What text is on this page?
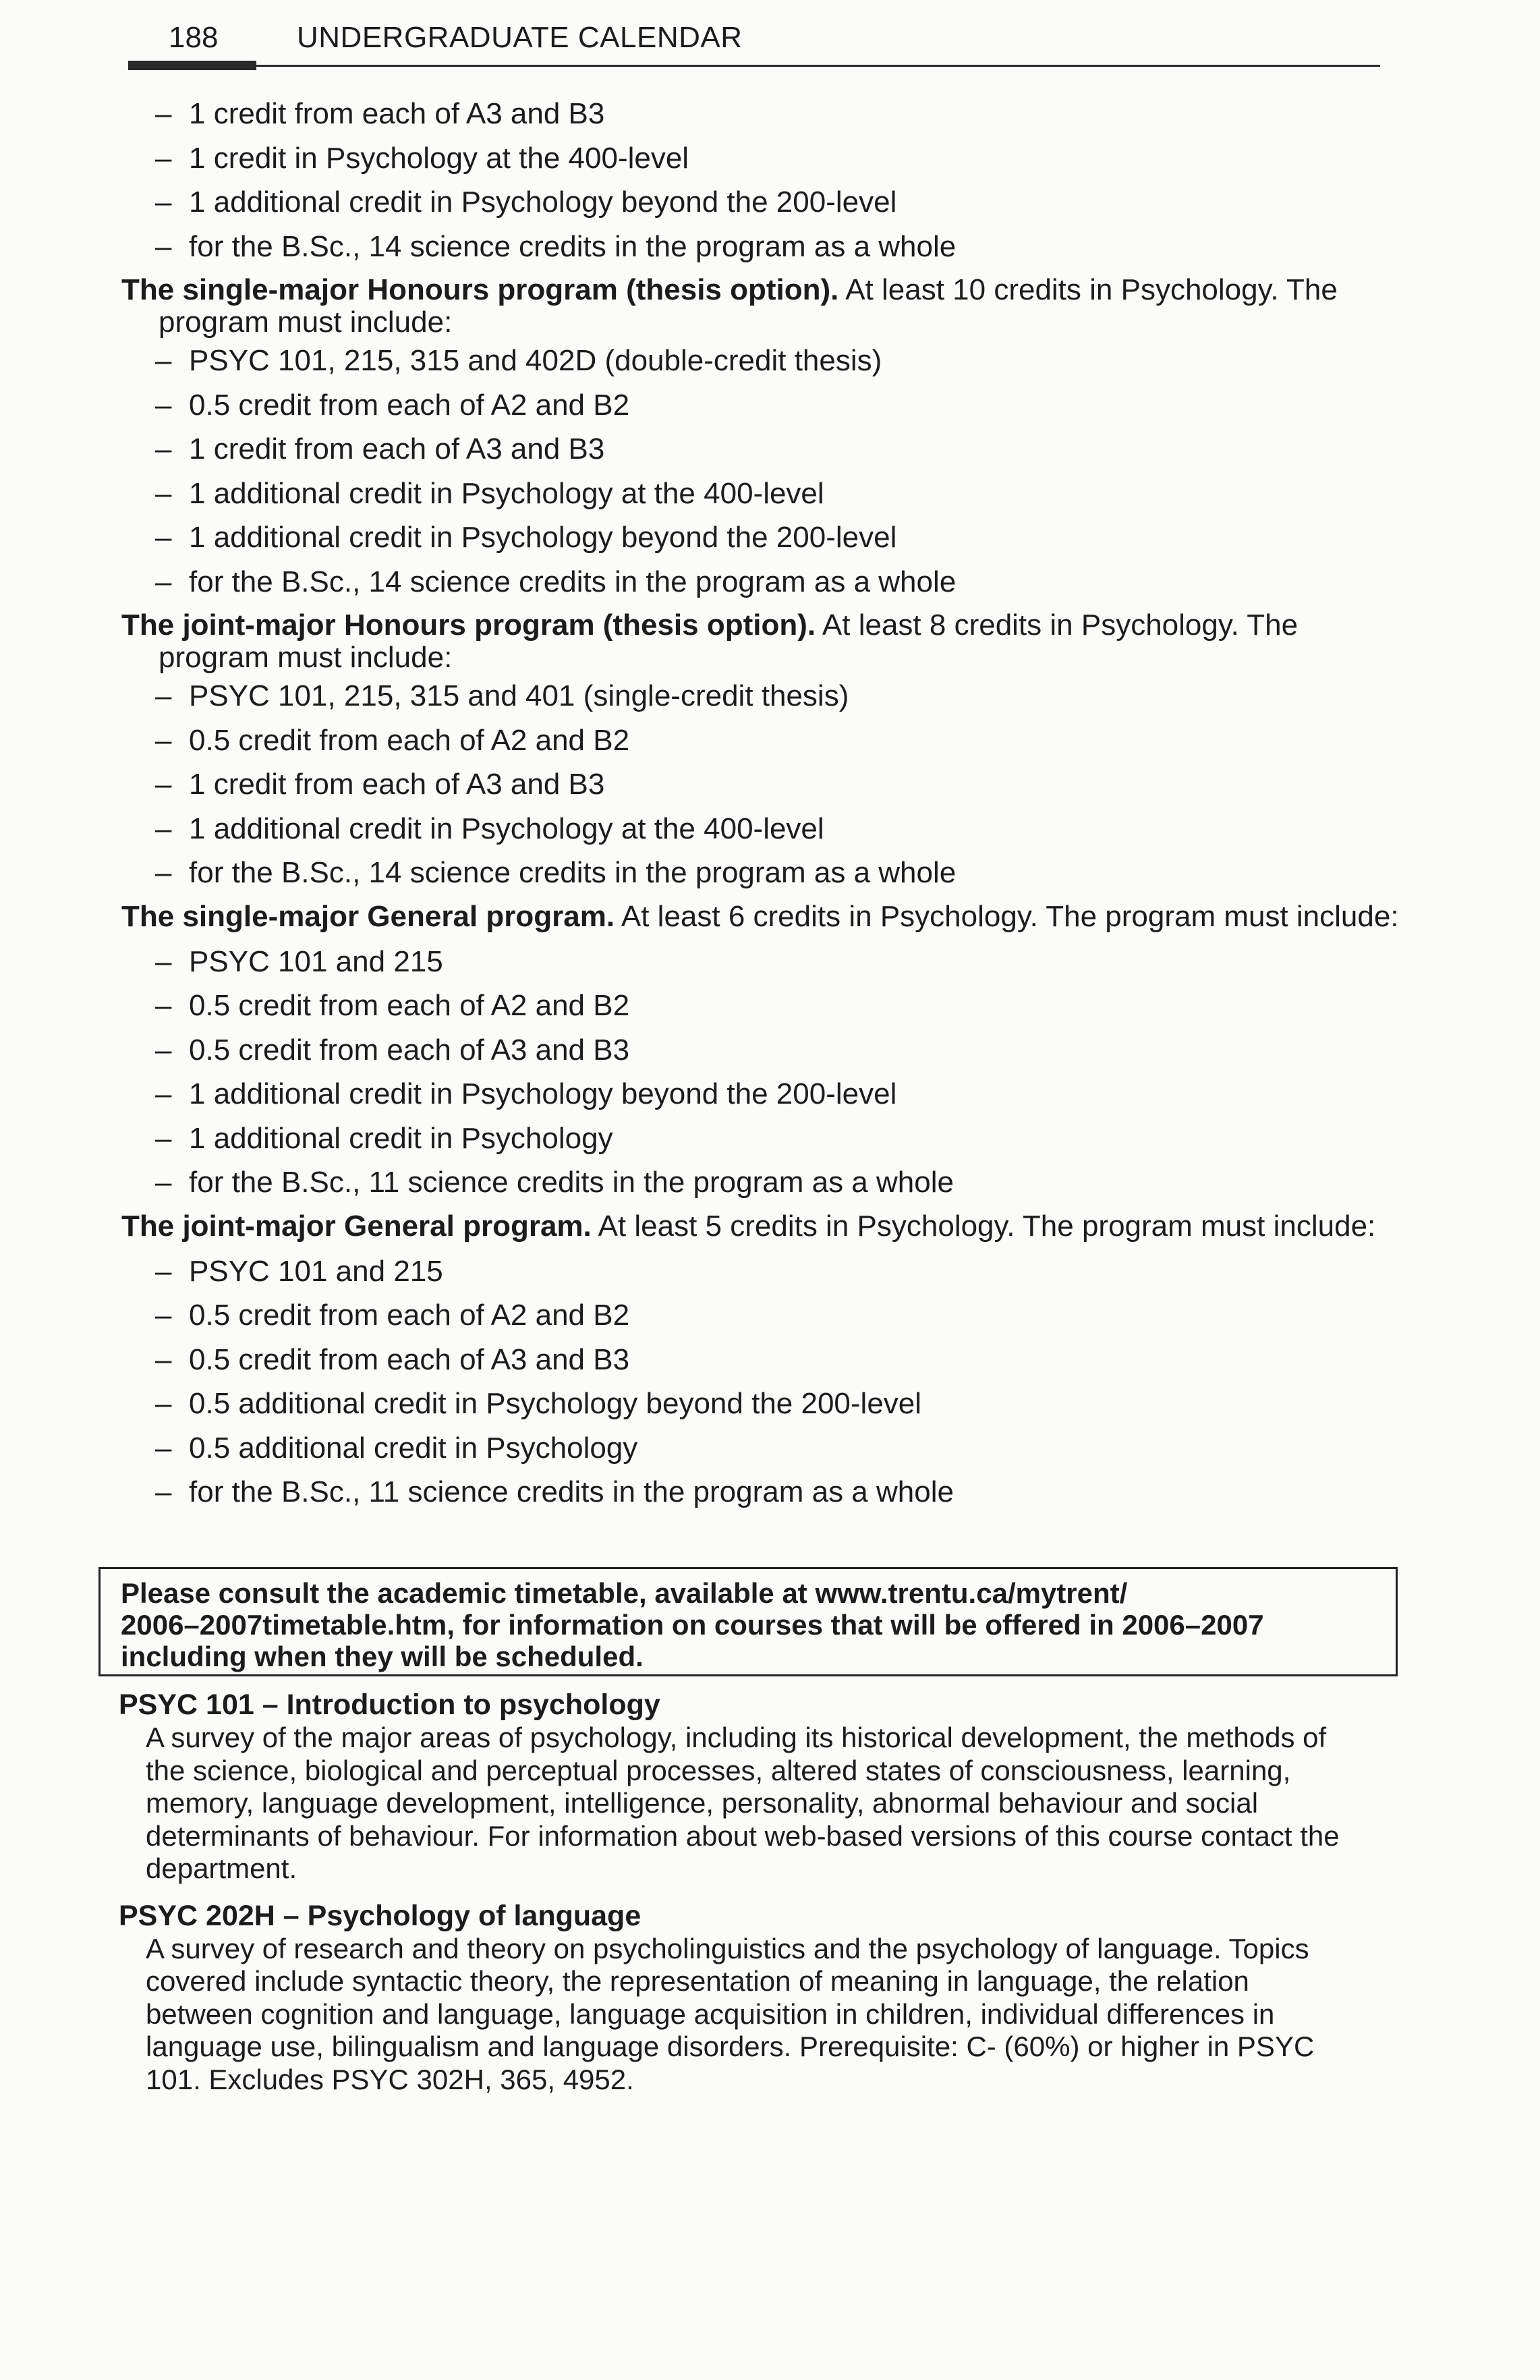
188	UNDERGRADUATE CALENDAR
– 1 credit from each of A3 and B3
– 1 credit in Psychology at the 400-level
– 1 additional credit in Psychology beyond the 200-level
– for the B.Sc., 14 science credits in the program as a whole
The single-major Honours program (thesis option). At least 10 credits in Psychology. The
program must include:
– PSYC 101, 215, 315 and 402D (double-credit thesis)
– 0.5 credit from each of A2 and B2
– 1 credit from each of A3 and B3
– 1 additional credit in Psychology at the 400-level
– 1 additional credit in Psychology beyond the 200-level
– for the B.Sc., 14 science credits in the program as a whole
The joint-major Honours program (thesis option). At least 8 credits in Psychology. The
program must include:
– PSYC 101, 215, 315 and 401 (single-credit thesis)
– 0.5 credit from each of A2 and B2
– 1 credit from each of A3 and B3
– 1 additional credit in Psychology at the 400-level
– for the B.Sc., 14 science credits in the program as a whole
The single-major General program. At least 6 credits in Psychology. The program must include:
– PSYC 101 and 215
– 0.5 credit from each of A2 and B2
– 0.5 credit from each of A3 and B3
– 1 additional credit in Psychology beyond the 200-level
– 1 additional credit in Psychology
– for the B.Sc., 11 science credits in the program as a whole
The joint-major General program. At least 5 credits in Psychology. The program must include:
– PSYC 101 and 215
– 0.5 credit from each of A2 and B2
– 0.5 credit from each of A3 and B3
– 0.5 additional credit in Psychology beyond the 200-level
– 0.5 additional credit in Psychology
– for the B.Sc., 11 science credits in the program as a whole
Please consult the academic timetable, available at www.trentu.ca/mytrent/
2006–2007timetable.htm, for information on courses that will be offered in 2006–2007
including when they will be scheduled.
PSYC 101 – Introduction to psychology
A survey of the major areas of psychology, including its historical development, the methods of
the science, biological and perceptual processes, altered states of consciousness, learning,
memory, language development, intelligence, personality, abnormal behaviour and social
determinants of behaviour. For information about web-based versions of this course contact the
department.
PSYC 202H – Psychology of language
A survey of research and theory on psycholinguistics and the psychology of language. Topics
covered include syntactic theory, the representation of meaning in language, the relation
between cognition and language, language acquisition in children, individual differences in
language use, bilingualism and language disorders. Prerequisite: C- (60%) or higher in PSYC
101. Excludes PSYC 302H, 365, 4952.
